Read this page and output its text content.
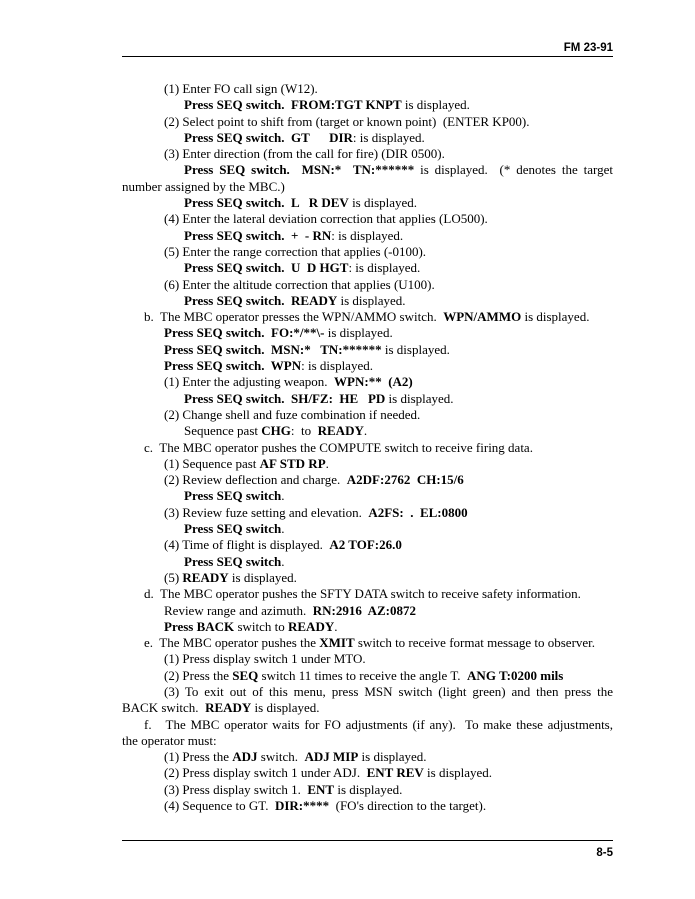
FM 23-91
(1) Enter FO call sign (W12).
Press SEQ switch.  FROM:TGT KNPT is displayed.
(2) Select point to shift from (target or known point)  (ENTER KP00).
Press SEQ switch.  GT      DIR: is displayed.
(3) Enter direction (from the call for fire) (DIR 0500).
Press SEQ switch.  MSN:*  TN:****** is displayed.  (* denotes the target
number assigned by the MBC.)
Press SEQ switch.  L   R DEV is displayed.
(4) Enter the lateral deviation correction that applies (LO500).
Press SEQ switch.  +  - RN: is displayed.
(5) Enter the range correction that applies (-0100).
Press SEQ switch.  U  D HGT: is displayed.
(6) Enter the altitude correction that applies (U100).
Press SEQ switch.  READY is displayed.
b.  The MBC operator presses the WPN/AMMO switch.  WPN/AMMO is displayed.
Press SEQ switch.  FO:*/**\- is displayed.
Press SEQ switch.  MSN:*   TN:****** is displayed.
Press SEQ switch.  WPN: is displayed.
(1) Enter the adjusting weapon.  WPN:**  (A2)
Press SEQ switch.  SH/FZ:  HE   PD is displayed.
(2) Change shell and fuze combination if needed.
Sequence past CHG:  to  READY.
c.  The MBC operator pushes the COMPUTE switch to receive firing data.
(1) Sequence past AF STD RP.
(2) Review deflection and charge.  A2DF:2762  CH:15/6
Press SEQ switch.
(3) Review fuze setting and elevation.  A2FS:  .  EL:0800
Press SEQ switch.
(4) Time of flight is displayed.  A2 TOF:26.0
Press SEQ switch.
(5) READY is displayed.
d.  The MBC operator pushes the SFTY DATA switch to receive safety information.
Review range and azimuth.  RN:2916  AZ:0872
Press BACK switch to READY.
e.  The MBC operator pushes the XMIT switch to receive format message to observer.
(1) Press display switch 1 under MTO.
(2) Press the SEQ switch 11 times to receive the angle T.  ANG T:0200 mils
(3) To exit out of this menu, press MSN switch (light green) and then press the
BACK switch.  READY is displayed.
f.   The MBC operator waits for FO adjustments (if any).  To make these adjustments,
the operator must:
(1) Press the ADJ switch.  ADJ MIP is displayed.
(2) Press display switch 1 under ADJ.  ENT REV is displayed.
(3) Press display switch 1.  ENT is displayed.
(4) Sequence to GT.  DIR:****  (FO's direction to the target).
8-5
